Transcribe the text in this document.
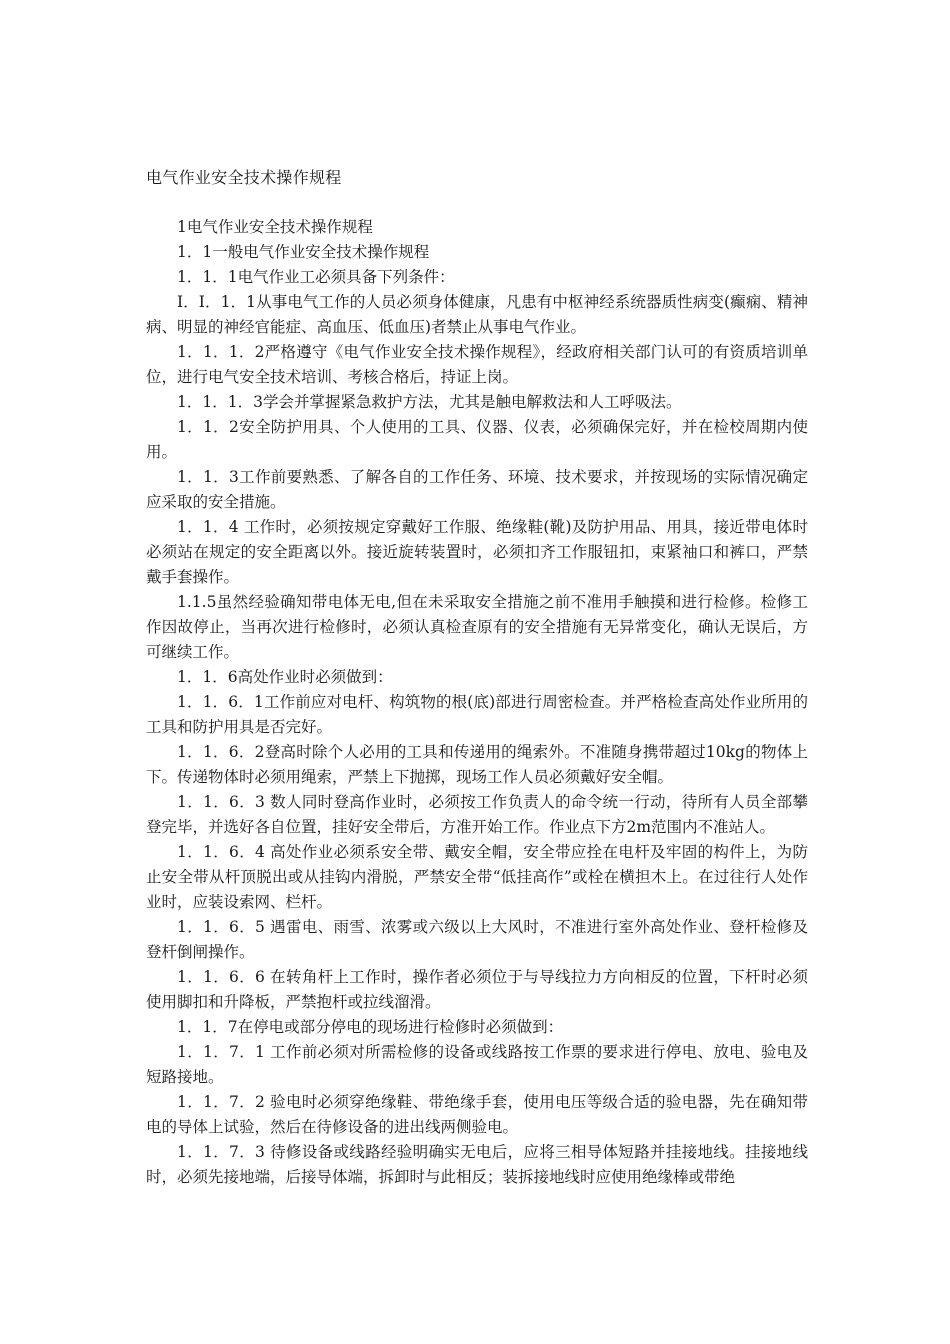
电气作业安全技术操作规程

1电气作业安全技术操作规程

1．1一般电气作业安全技术操作规程

1．1．1电气作业工必须具备下列条件：

I．I．1．1从事电气工作的人员必须身体健康，凡患有中枢神经系统器质性病变(癫痫、精神病、明显的神经官能症、高血压、低血压)者禁止从事电气作业。

1．1．1．2严格遵守《电气作业安全技术操作规程》，经政府相关部门认可的有资质培训单位，进行电气安全技术培训、考核合格后，持证上岗。

1．1．1．3学会并掌握紧急救护方法，尤其是触电解救法和人工呼吸法。

1．1．2安全防护用具、个人使用的工具、仪器、仪表，必须确保完好，并在检校周期内使用。

1．1．3工作前要熟悉、了解各自的工作任务、环境、技术要求，并按现场的实际情况确定应采取的安全措施。

1．1．4 工作时，必须按规定穿戴好工作服、绝缘鞋(靴)及防护用品、用具，接近带电体时必须站在规定的安全距离以外。接近旋转装置时，必须扣齐工作服钮扣，束紧袖口和裤口，严禁戴手套操作。

1.1.5虽然经验确知带电体无电,但在未采取安全措施之前不准用手触摸和进行检修。检修工作因故停止，当再次进行检修时，必须认真检查原有的安全措施有无异常变化，确认无误后，方可继续工作。

1．1．6高处作业时必须做到：

1．1．6．1工作前应对电杆、构筑物的根(底)部进行周密检查。并严格检查高处作业所用的工具和防护用具是否完好。

1．1．6．2登高时除个人必用的工具和传递用的绳索外。不准随身携带超过10kg的物体上下。传递物体时必须用绳索，严禁上下抛掷，现场工作人员必须戴好安全帽。

1．1．6．3 数人同时登高作业时，必须按工作负责人的命令统一行动，待所有人员全部攀登完毕，并选好各自位置，挂好安全带后，方准开始工作。作业点下方2m范围内不准站人。

1．1．6．4 高处作业必须系安全带、戴安全帽，安全带应拴在电杆及牢固的构件上，为防止安全带从杆顶脱出或从挂钩内滑脱，严禁安全带“低挂高作”或栓在横担木上。在过往行人处作业时，应装设索网、栏杆。

1．1．6．5 遇雷电、雨雪、浓雾或六级以上大风时，不准进行室外高处作业、登杆检修及登杆倒闸操作。

1．1．6．6 在转角杆上工作时，操作者必须位于与导线拉力方向相反的位置，下杆时必须使用脚扣和升降板，严禁抱杆或拉线溜滑。

1．1．7在停电或部分停电的现场进行检修时必须做到：

1．1．7．1 工作前必须对所需检修的设备或线路按工作票的要求进行停电、放电、验电及短路接地。

1．1．7．2 验电时必须穿绝缘鞋、带绝缘手套，使用电压等级合适的验电器，先在确知带电的导体上试验，然后在待修设备的进出线两侧验电。

1．1．7．3 待修设备或线路经验明确实无电后，应将三相导体短路并挂接地线。挂接地线时，必须先接地端，后接导体端，拆卸时与此相反；装拆接地线时应使用绝缘棒或带绝
